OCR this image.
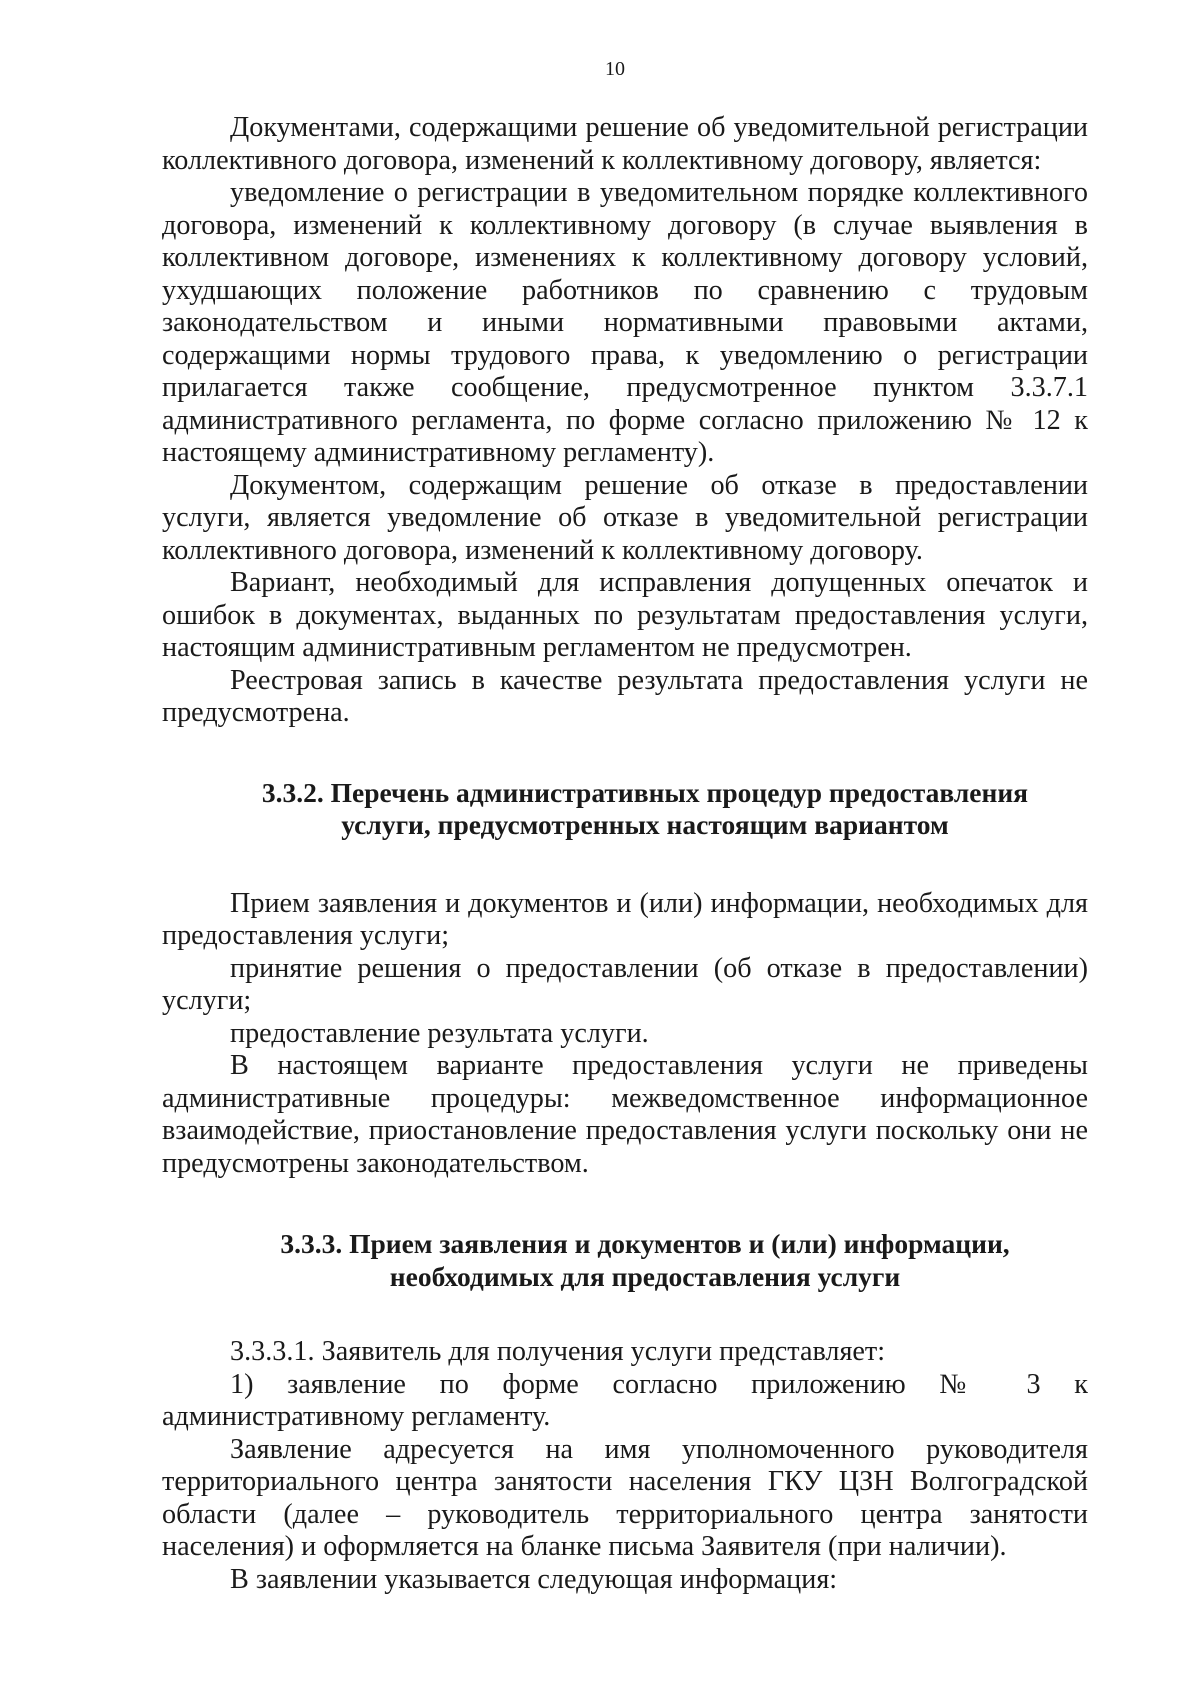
10

Документами, содержащими решение об уведомительной регистрации коллективного договора, изменений к коллективному договору, является:

уведомление о регистрации в уведомительном порядке коллективного договора, изменений к коллективному договору (в случае выявления в коллективном договоре, изменениях к коллективному договору условий, ухудшающих положение работников по сравнению с трудовым законодательством и иными нормативными правовыми актами, содержащими нормы трудового права, к уведомлению о регистрации прилагается также сообщение, предусмотренное пунктом 3.3.7.1 административного регламента, по форме согласно приложению № 12 к настоящему административному регламенту).

Документом, содержащим решение об отказе в предоставлении услуги, является уведомление об отказе в уведомительной регистрации коллективного договора, изменений к коллективному договору.

Вариант, необходимый для исправления допущенных опечаток и ошибок в документах, выданных по результатам предоставления услуги, настоящим административным регламентом не предусмотрен.

Реестровая запись в качестве результата предоставления услуги не предусмотрена.

3.3.2. Перечень административных процедур предоставления
услуги, предусмотренных настоящим вариантом

Прием заявления и документов и (или) информации, необходимых для предоставления услуги;

принятие решения о предоставлении (об отказе в предоставлении) услуги;

предоставление результата услуги.

В настоящем варианте предоставления услуги не приведены административные процедуры: межведомственное информационное взаимодействие, приостановление предоставления услуги поскольку они не предусмотрены законодательством.

3.3.3. Прием заявления и документов и (или) информации,
необходимых для предоставления услуги

3.3.3.1. Заявитель для получения услуги представляет:

1) заявление по форме согласно приложению № 3 к административному регламенту.

Заявление адресуется на имя уполномоченного руководителя территориального центра занятости населения ГКУ ЦЗН Волгоградской области (далее – руководитель территориального центра занятости населения) и оформляется на бланке письма Заявителя (при наличии).

В заявлении указывается следующая информация:
